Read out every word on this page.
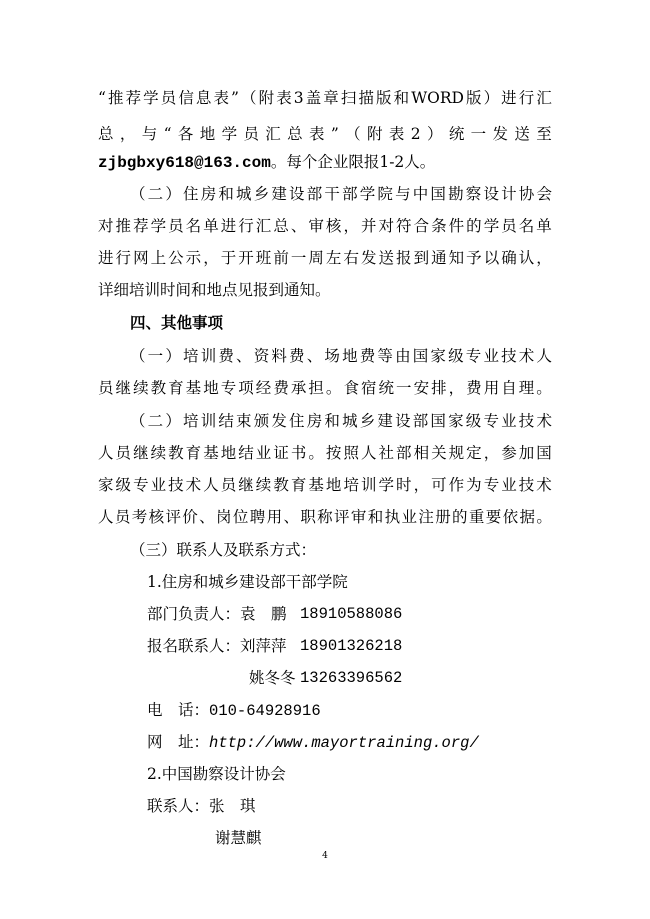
“ 推 荐 学 员 信 息 表 ” （ 附 表 3 盖 章 扫 描 版 和 WORD 版 ） 进 行 汇
总 ， 与 “ 各 地 学 员 汇 总 表 ” （ 附 表 2 ） 统 一 发 送 至
zjbgbxy618@163.com。每个企业限报1-2人。
（ 二 ） 住 房 和 城 乡 建 设 部 干 部 学 院 与 中 国 勘 察 设 计 协 会
对 推 荐 学 员 名 单 进 行 汇 总 、 审 核 ， 并 对 符 合 条 件 的 学 员 名 单
进 行 网 上 公 示 ， 于 开 班 前 一 周 左 右 发 送 报 到 通 知 予 以 确 认 ，
详细培训时间和地点见报到通知。
四、其他事项
（ 一 ） 培 训 费 、 资 料 费 、 场 地 费 等 由 国 家 级 专 业 技 术 人
员 继 续 教 育 基 地 专 项 经 费 承 担 。 食 宿 统 一 安 排 ， 费 用 自 理 。
（ 二 ） 培 训 结 束 颁 发 住 房 和 城 乡 建 设 部 国 家 级 专 业 技 术
人 员 继 续 教 育 基 地 结 业 证 书 。 按 照 人 社 部 相 关 规 定 ， 参 加 国
家 级 专 业 技 术 人 员 继 续 教 育 基 地 培 训 学 时 ， 可 作 为 专 业 技 术
人 员 考 核 评 价 、 岗 位 聘 用 、 职 称 评 审 和 执 业 注 册 的 重 要 依 据 。
（三）联系人及联系方式：
1.住房和城乡建设部干部学院
部门负责人：袁　鹏 18910588086
报名联系人：刘萍萍 18901326218
姚冬冬 13263396562
电　话：010-64928916
网　址：http://www.mayortraining.org/
2.中国勘察设计协会
联系人：张　琪
谢慧麒
4
